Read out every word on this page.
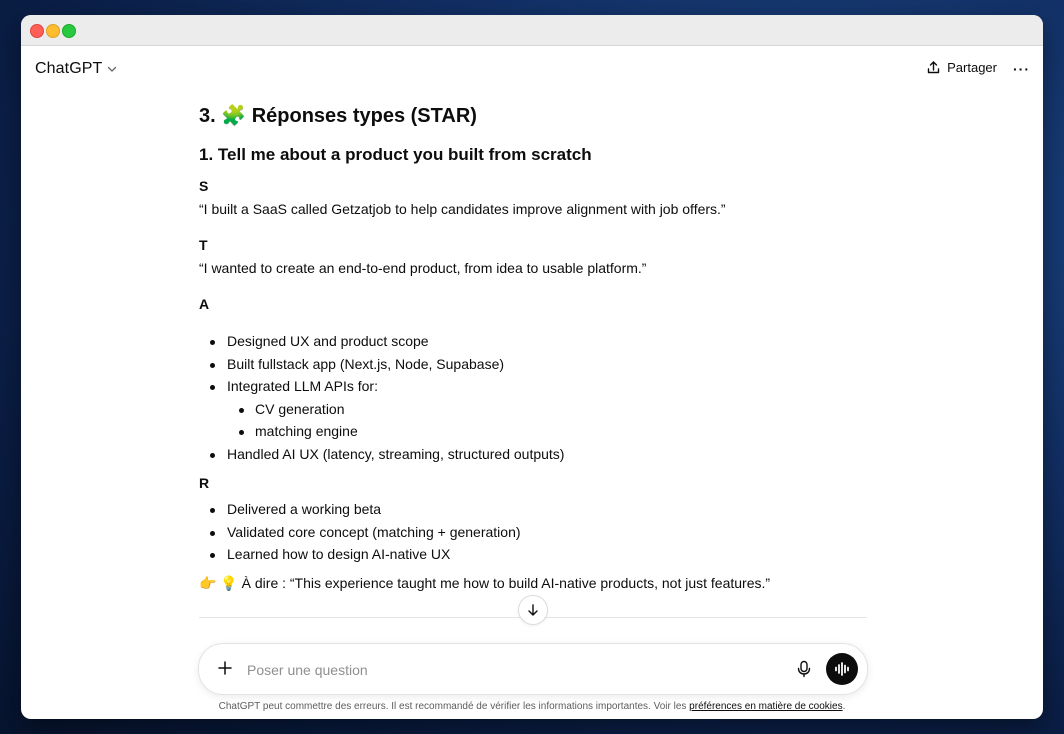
ChatGPT	Partager ···
3. 🧩 Réponses types (STAR)
1. Tell me about a product you built from scratch
S
“I built a SaaS called Getzatjob to help candidates improve alignment with job offers.”
T
“I wanted to create an end-to-end product, from idea to usable platform.”
A
Designed UX and product scope
Built fullstack app (Next.js, Node, Supabase)
Integrated LLM APIs for:
CV generation
matching engine
Handled AI UX (latency, streaming, structured outputs)
R
Delivered a working beta
Validated core concept (matching + generation)
Learned how to design AI-native UX
👉 💡 À dire : “This experience taught me how to build AI-native products, not just features.”
Poser une question
ChatGPT peut commettre des erreurs. Il est recommandé de vérifier les informations importantes. Voir les préférences en matière de cookies.
